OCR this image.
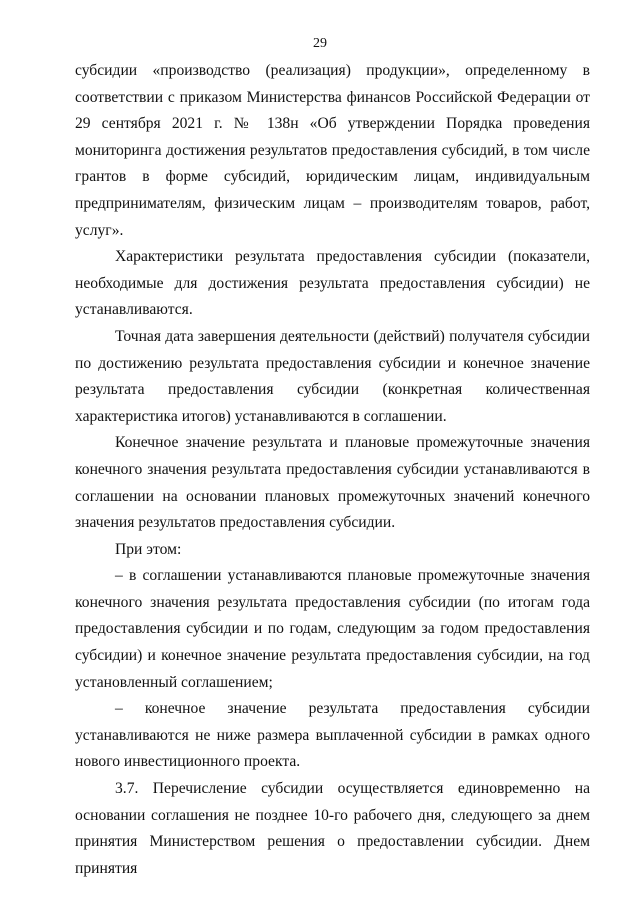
29

субсидии «производство (реализация) продукции», определенному в соответствии с приказом Министерства финансов Российской Федерации от 29 сентября 2021 г. № 138н «Об утверждении Порядка проведения мониторинга достижения результатов предоставления субсидий, в том числе грантов в форме субсидий, юридическим лицам, индивидуальным предпринимателям, физическим лицам – производителям товаров, работ, услуг».

Характеристики результата предоставления субсидии (показатели, необходимые для достижения результата предоставления субсидии) не устанавливаются.

Точная дата завершения деятельности (действий) получателя субсидии по достижению результата предоставления субсидии и конечное значение результата предоставления субсидии (конкретная количественная характеристика итогов) устанавливаются в соглашении.

Конечное значение результата и плановые промежуточные значения конечного значения результата предоставления субсидии устанавливаются в соглашении на основании плановых промежуточных значений конечного значения результатов предоставления субсидии.

При этом:

– в соглашении устанавливаются плановые промежуточные значения конечного значения результата предоставления субсидии (по итогам года предоставления субсидии и по годам, следующим за годом предоставления субсидии) и конечное значение результата предоставления субсидии, на год установленный соглашением;

– конечное значение результата предоставления субсидии устанавливаются не ниже размера выплаченной субсидии в рамках одного нового инвестиционного проекта.

3.7. Перечисление субсидии осуществляется единовременно на основании соглашения не позднее 10-го рабочего дня, следующего за днем принятия Министерством решения о предоставлении субсидии. Днем принятия
